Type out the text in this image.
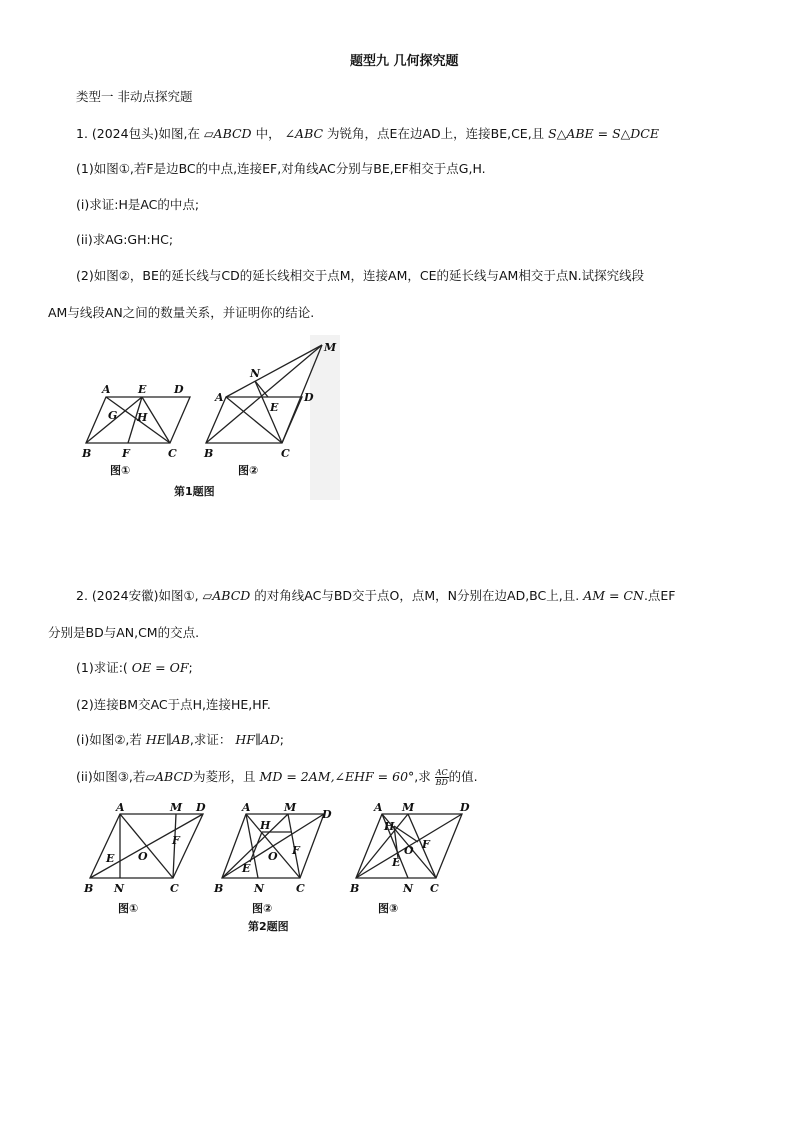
题型九 几何探究题
类型一 非动点探究题
1. (2024包头)如图,在 ▱ABCD 中， ∠ABC 为锐角，点E在边AD上，连接BE,CE,且 S△ABE = S△DCE
(1)如图①,若F是边BC的中点,连接EF,对角线AC分别与BE,EF相交于点G,H.
(i)求证:H是AC的中点;
(ii)求AG:GH:HC;
(2)如图②，BE的延长线与CD的延长线相交于点M，连接AM，CE的延长线与AM相交于点N.试探究线段
AM与线段AN之间的数量关系，并证明你的结论.
A E	D
G H
B	F	C
图①
M
N
A	D
E
B	C
图②
第1题图
2. (2024安徽)如图①, ▱ABCD 的对角线AC与BD交于点O，点M，N分别在边AD,BC上,且. AM = CN.点EF
分别是BD与AN,CM的交点.
(1)求证:( OE = OF;
(2)连接BM交AC于点H,连接HE,HF.
(i)如图②,若 HE∥AB,求证： HF∥AD;
(ii)如图③,若▱ABCD为菱形，且 MD = 2AM,∠EHF = 60°,求 $\frac{AC}{BD}$ 的值.
A	M D
E O
F
B N	C
图①
A	M
D
H
O
E
F
B	N	C
图②
A M	D
H
O
E
F
B	N C
图③
第2题图
